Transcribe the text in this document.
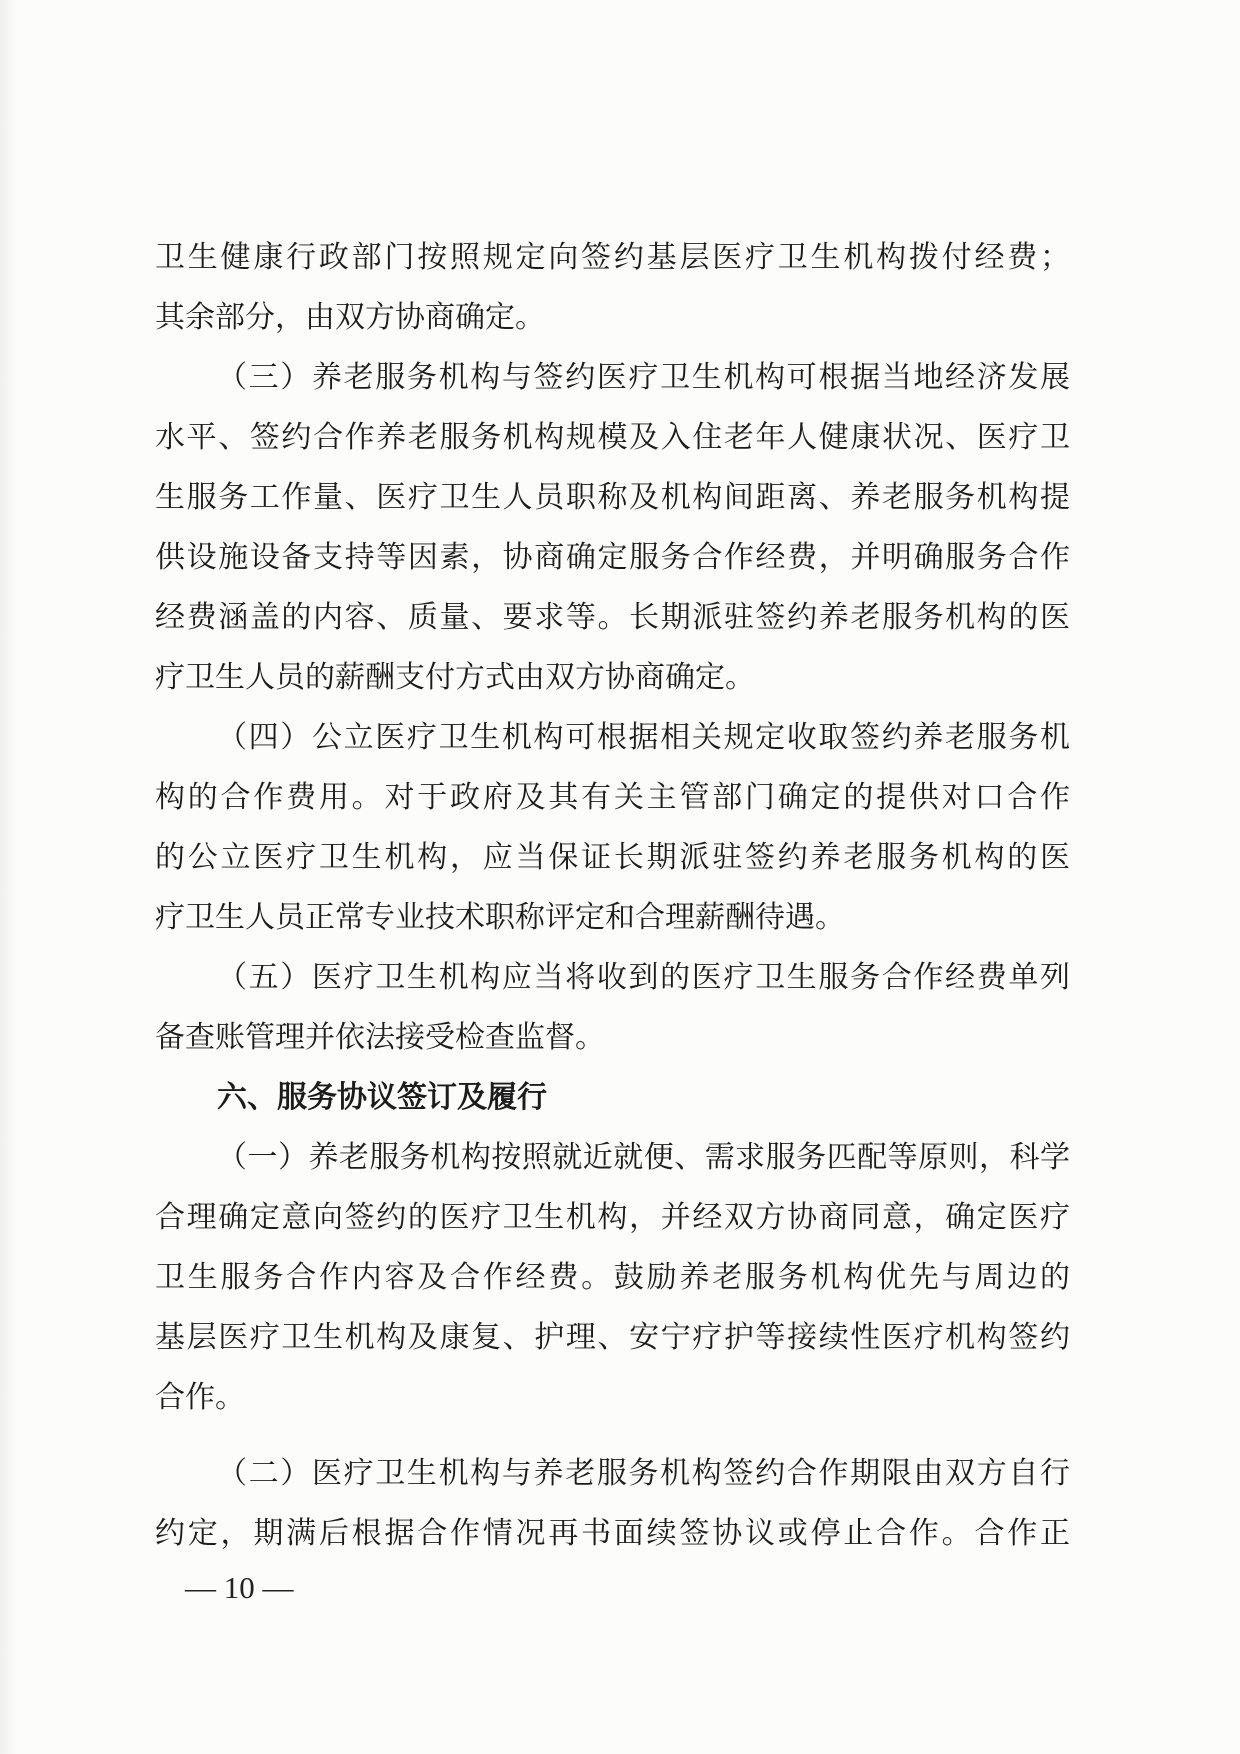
卫生健康行政部门按照规定向签约基层医疗卫生机构拨付经费；
其余部分，由双方协商确定。
（三）养老服务机构与签约医疗卫生机构可根据当地经济发展
水平、签约合作养老服务机构规模及入住老年人健康状况、医疗卫
生服务工作量、医疗卫生人员职称及机构间距离、养老服务机构提
供设施设备支持等因素，协商确定服务合作经费，并明确服务合作
经费涵盖的内容、质量、要求等。长期派驻签约养老服务机构的医
疗卫生人员的薪酬支付方式由双方协商确定。
（四）公立医疗卫生机构可根据相关规定收取签约养老服务机
构的合作费用。对于政府及其有关主管部门确定的提供对口合作
的公立医疗卫生机构，应当保证长期派驻签约养老服务机构的医
疗卫生人员正常专业技术职称评定和合理薪酬待遇。
（五）医疗卫生机构应当将收到的医疗卫生服务合作经费单列
备查账管理并依法接受检查监督。
六、服务协议签订及履行
（一）养老服务机构按照就近就便、需求服务匹配等原则，科学
合理确定意向签约的医疗卫生机构，并经双方协商同意，确定医疗
卫生服务合作内容及合作经费。鼓励养老服务机构优先与周边的
基层医疗卫生机构及康复、护理、安宁疗护等接续性医疗机构签约
合作。
（二）医疗卫生机构与养老服务机构签约合作期限由双方自行
约定，期满后根据合作情况再书面续签协议或停止合作。合作正
— 10 —
